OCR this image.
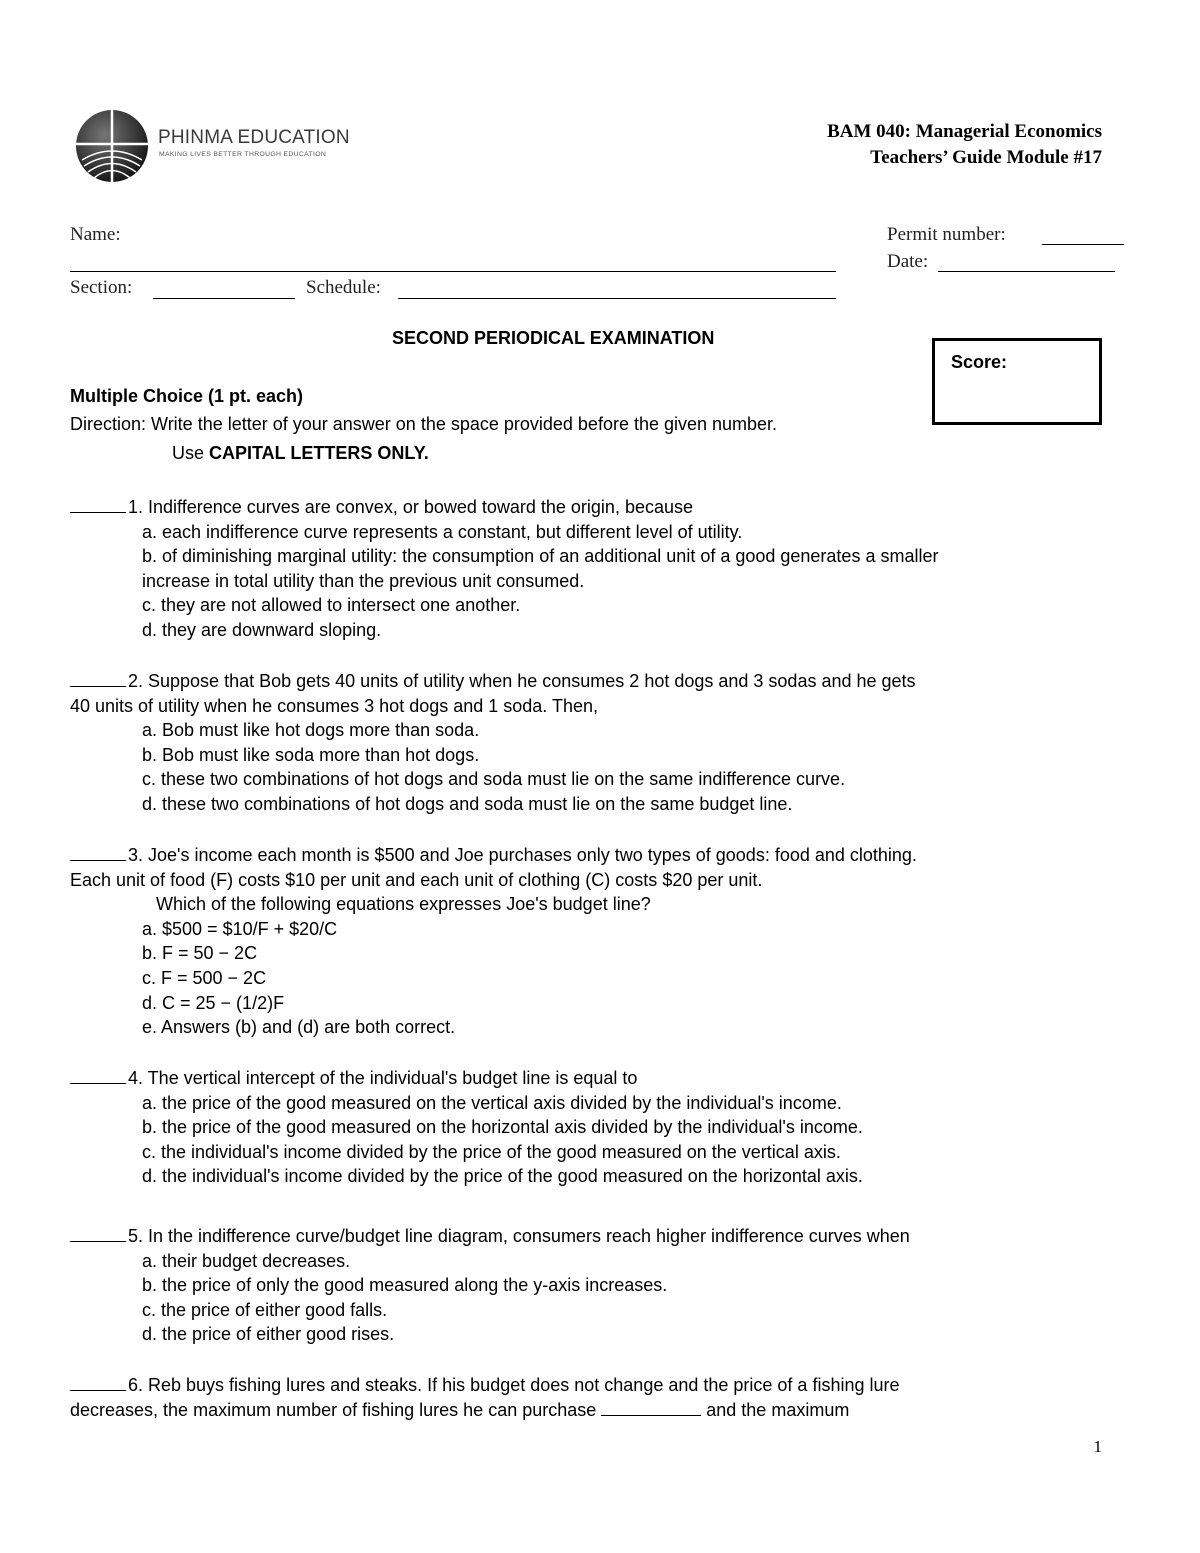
PHINMA EDUCATION
MAKING LIVES BETTER THROUGH EDUCATION
BAM 040: Managerial Economics
Teachers’ Guide Module #17
Name:	Permit number:
Date:
Section:	Schedule:
SECOND PERIODICAL EXAMINATION
Score:
Multiple Choice (1 pt. each)
Direction: Write the letter of your answer on the space provided before the given number.
Use CAPITAL LETTERS ONLY.
1. Indifference curves are convex, or bowed toward the origin, because
a. each indifference curve represents a constant, but different level of utility.
b. of diminishing marginal utility: the consumption of an additional unit of a good generates a smaller
increase in total utility than the previous unit consumed.
c. they are not allowed to intersect one another.
d. they are downward sloping.
2. Suppose that Bob gets 40 units of utility when he consumes 2 hot dogs and 3 sodas and he gets
40 units of utility when he consumes 3 hot dogs and 1 soda. Then,
a. Bob must like hot dogs more than soda.
b. Bob must like soda more than hot dogs.
c. these two combinations of hot dogs and soda must lie on the same indifference curve.
d. these two combinations of hot dogs and soda must lie on the same budget line.
3. Joe's income each month is $500 and Joe purchases only two types of goods: food and clothing.
Each unit of food (F) costs $10 per unit and each unit of clothing (C) costs $20 per unit.
Which of the following equations expresses Joe's budget line?
a. $500 = $10/F + $20/C
b. F = 50 − 2C
c. F = 500 − 2C
d. C = 25 − (1/2)F
e. Answers (b) and (d) are both correct.
4. The vertical intercept of the individual's budget line is equal to
a. the price of the good measured on the vertical axis divided by the individual's income.
b. the price of the good measured on the horizontal axis divided by the individual's income.
c. the individual's income divided by the price of the good measured on the vertical axis.
d. the individual's income divided by the price of the good measured on the horizontal axis.
5. In the indifference curve/budget line diagram, consumers reach higher indifference curves when
a. their budget decreases.
b. the price of only the good measured along the y-axis increases.
c. the price of either good falls.
d. the price of either good rises.
6. Reb buys fishing lures and steaks. If his budget does not change and the price of a fishing lure
decreases, the maximum number of fishing lures he can purchase	and the maximum
1
